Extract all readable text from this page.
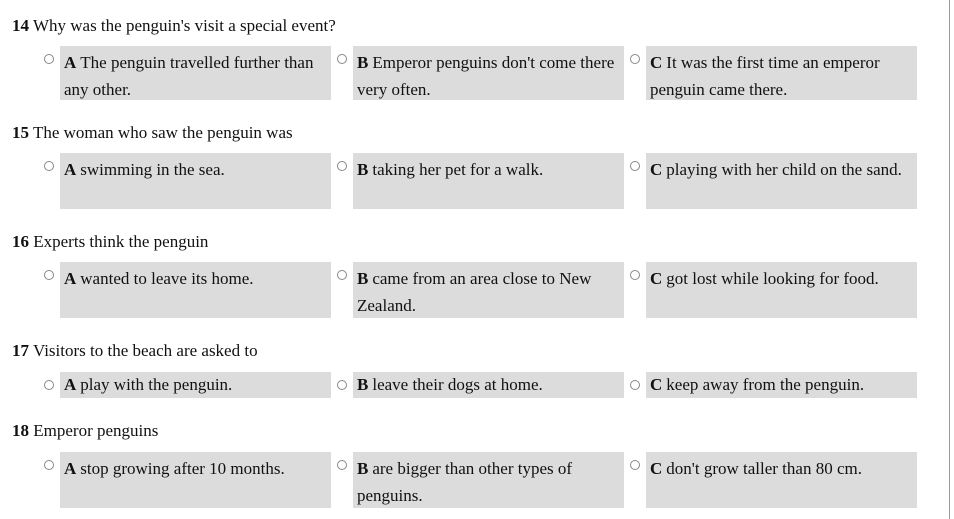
14 Why was the penguin's visit a special event?
A The penguin travelled further than any other.
B Emperor penguins don't come there very often.
C It was the first time an emperor penguin came there.
15 The woman who saw the penguin was
A swimming in the sea.	B taking her pet for a walk.	C playing with her child on the sand.
16 Experts think the penguin
A wanted to leave its home.	B came from an area close to New Zealand.
C got lost while looking for food.
17 Visitors to the beach are asked to
A play with the penguin.	B leave their dogs at home.	C keep away from the penguin.
18 Emperor penguins
A stop growing after 10 months.	B are bigger than other types of penguins.
C don't grow taller than 80 cm.
